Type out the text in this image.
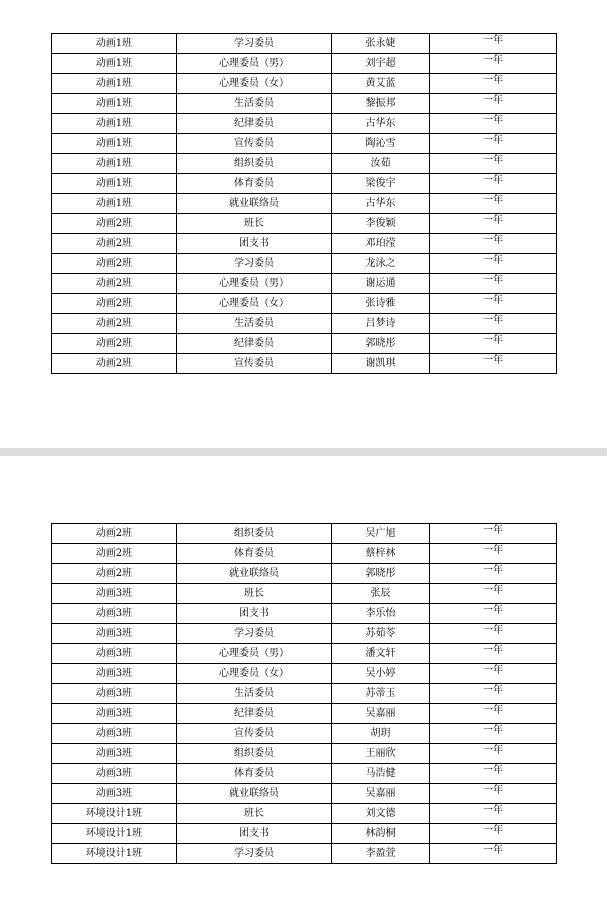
动画1班	学习委员	张永婕	一年
动画1班	心理委员（男）	刘宇超	一年
动画1班	心理委员（女）	黄艾蓝	一年
动画1班	生活委员	黎振邦	一年
动画1班	纪律委员	古华东	一年
动画1班	宣传委员	陶沁雪	一年
动画1班	组织委员	汝茹	一年
动画1班	体育委员	梁俊宇	一年
动画1班	就业联络员	古华东	一年
动画2班	班长	李俊颖	一年
动画2班	团支书	邓珀滢	一年
动画2班	学习委员	龙泳之	一年
动画2班	心理委员（男）	谢运通	一年
动画2班	心理委员（女）	张诗雅	一年
动画2班	生活委员	吕梦诗	一年
动画2班	纪律委员	郭晓彤	一年
动画2班	宣传委员	谢凯琪	一年
动画2班	组织委员	吴广旭	一年
动画2班	体育委员	蔡梓林	一年
动画2班	就业联络员	郭晓彤	一年
动画3班	班长	张辰	一年
动画3班	团支书	李乐怡	一年
动画3班	学习委员	苏茹苓	一年
动画3班	心理委员（男）	潘文轩	一年
动画3班	心理委员（女）	吴小婷	一年
动画3班	生活委员	苏蒂玉	一年
动画3班	纪律委员	吴嘉丽	一年
动画3班	宣传委员	胡玥	一年
动画3班	组织委员	王丽欣	一年
动画3班	体育委员	马浩健	一年
动画3班	就业联络员	吴嘉丽	一年
环境设计1班	班长	刘文德	一年
环境设计1班	团支书	林韵桐	一年
环境设计1班	学习委员	李盈萱	一年
